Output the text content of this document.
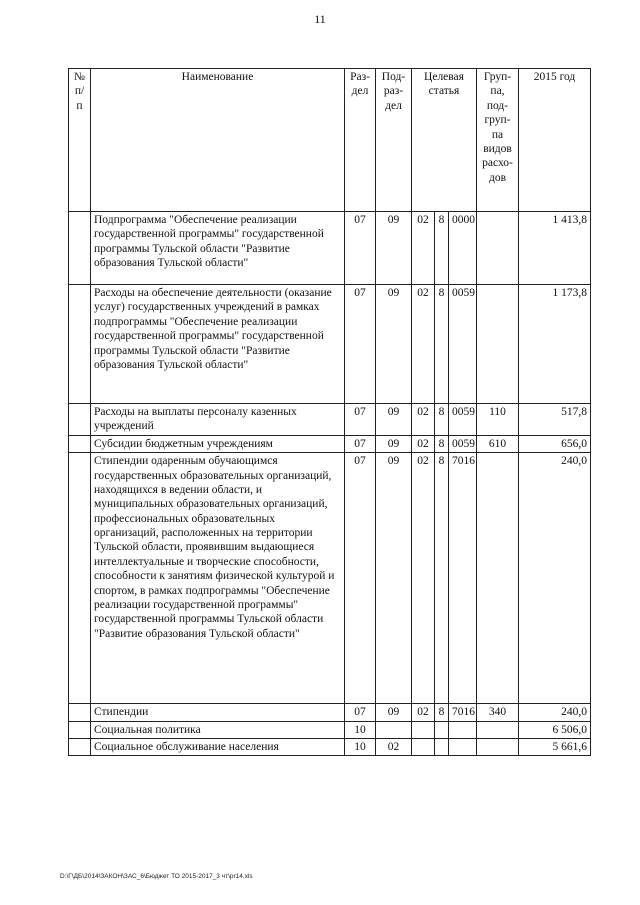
11
№ п/п	Наименование	Раз-дел	Под-раз-дел	Целевая статья			Груп-па, под-груп-па видов расхо-дов	2015 год
	Подпрограмма "Обеспечение реализации государственной программы" государственной программы Тульской области "Развитие образования Тульской области"	07	09	02	8	0000		1 413,8
	Расходы на обеспечение деятельности (оказание услуг) государственных учреждений в рамках подпрограммы "Обеспечение реализации государственной программы" государственной программы Тульской области "Развитие образования Тульской области"	07	09	02	8	0059		1 173,8
	Расходы на выплаты персоналу казенных учреждений	07	09	02	8	0059	110	517,8
	Субсидии бюджетным учреждениям	07	09	02	8	0059	610	656,0
	Стипендии одаренным обучающимся государственных образовательных организаций, находящихся в ведении области, и муниципальных образовательных организаций, профессиональных образовательных организаций, расположенных на территории Тульской области, проявившим выдающиеся интеллектуальные и творческие способности, способности к занятиям физической культурой и спортом, в рамках подпрограммы "Обеспечение реализации государственной программы" государственной программы Тульской области "Развитие образования Тульской области"	07	09	02	8	7016		240,0
	Стипендии	07	09	02	8	7016	340	240,0
	Социальная политика	10						6 506,0
	Социальное обслуживание населения	10	02					5 661,6
D:\Г\ДБ\2014\ЗАКОН\ЗАС_6\Бюджет ТО 2015-2017_3 чт\pr14.xls
